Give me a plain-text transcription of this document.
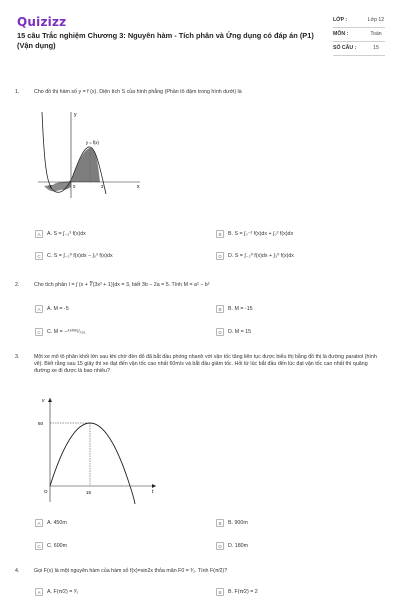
Quizizz
15 câu Trắc nghiệm Chương 3: Nguyên hàm - Tích phân và Ứng dụng có đáp án (P1) (Vận dụng)
LỚP :	Lớp 12
MÔN :	Toán
SỐ CÂU :	15
1.	Cho đồ thị hàm số y = f (x). Diện tích S của hình phẳng (Phần tô đậm trong hình dưới) là
y
x
y = f(x)
-2	0	3
A	A. S = ∫₋₂³ f(x)dx	B	B. S = ∫₀⁻² f(x)dx + ∫₀³ f(x)dx
C	C. S = ∫₋₂⁰ f(x)dx − ∫₀³ f(x)dx	D	D. S = ∫₋₂⁰ f(x)dx + ∫₃⁰ f(x)dx
2.	Cho tích phân I = ∫ (x + ∛(3x² + 1))dx = 3, biết 3b − 2a = 5. Tính M = a² − b²
A	A. M = -5	B	B. M = -15
C	C. M = −⁴⁶⁰⁸⁵⁄₇₂₉	D	D. M = 15
3.	Một xe mô tô phân khối lớn sau khi chờ đèn đỏ đã bắt đầu phóng nhanh với vận tốc tăng liên tục được biểu thị bằng đồ thị là đường parabol (hình vẽ). Biết rằng sau 15 giây thì xe đạt đến vận tốc cao nhất 60m/s và bắt đầu giảm tốc. Hỏi từ lúc bắt đầu đến lúc đạt vận tốc cao nhất thì quãng đường xe đi được là bao nhiêu?
v
t
60
15
O
A	A. 450m	B	B. 900m
C	C. 600m	D	D. 180m
4.	Gọi F(x) là một nguyên hàm của hàm số f(x)=sin2x thỏa mãn F0 = ³⁄₂. Tính F(π⁄2)?
A	A. F(π⁄2) = ³⁄₂	B	B. F(π⁄2) = 2
